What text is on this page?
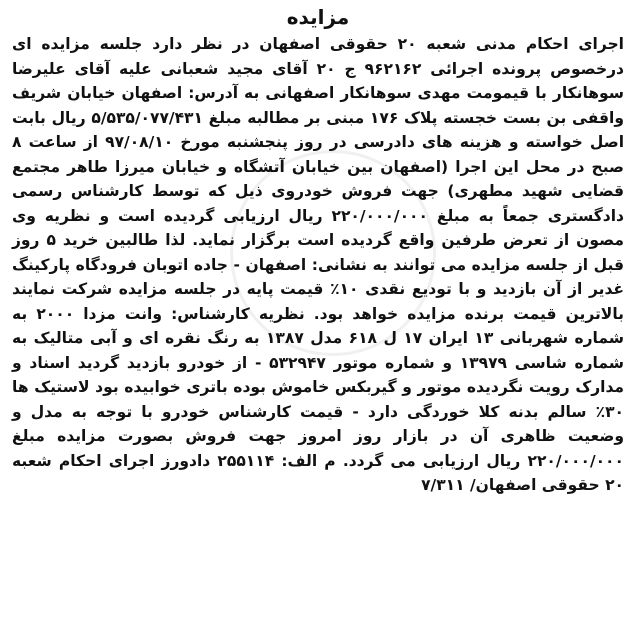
مزایده

اجرای احکام مدنی شعبه ۲۰ حقوقی اصفهان در نظر دارد جلسه مزایده ای درخصوص پرونده اجرائی ۹۶۲۱۶۲ ج ۲۰ آقای مجید شعبانی علیه آقای علیرضا سوهانکار با قیمومت مهدی سوهانکار اصفهانی به آدرس: اصفهان خیابان شریف واقفی بن بست خجسته پلاک ۱۷۶ مبنی بر مطالبه مبلغ ۵/۵۳۵/۰۷۷/۴۳۱ ریال بابت اصل خواسته و هزینه های دادرسی در روز پنجشنبه مورخ ۹۷/۰۸/۱۰ از ساعت ۸ صبح در محل این اجرا (اصفهان بین خیابان آتشگاه و خیابان میرزا طاهر مجتمع قضایی شهید مطهری) جهت فروش خودروی ذیل که توسط کارشناس رسمی دادگستری جمعاً به مبلغ ۲۲۰/۰۰۰/۰۰۰ ریال ارزیابی گردیده است و نظریه وی مصون از تعرض طرفین واقع گردیده است برگزار نماید. لذا طالبین خرید ۵ روز قبل از جلسه مزایده می توانند به نشانی: اصفهان - جاده اتوبان فرودگاه پارکینگ غدیر از آن بازدید و با تودیع نقدی ۱۰٪ قیمت پایه در جلسه مزایده شرکت نمایند بالاترین قیمت برنده مزایده خواهد بود. نظریه کارشناس: وانت مزدا ۲۰۰۰ به شماره شهربانی ۱۳ ایران ۱۷ ل ۶۱۸ مدل ۱۳۸۷ به رنگ نقره ای و آبی متالیک به شماره شاسی ۱۳۹۷۹ و شماره موتور ۵۳۲۹۴۷ - از خودرو بازدید گردید اسناد و مدارک رویت نگردیده موتور و گیربکس خاموش بوده باتری خوابیده بود لاستیک ها ۳۰٪ سالم بدنه کلا خوردگی دارد - قیمت کارشناس خودرو با توجه به مدل و وضعیت ظاهری آن در بازار روز امروز جهت فروش بصورت مزایده مبلغ ۲۲۰/۰۰۰/۰۰۰ ریال ارزیابی می گردد. م الف: ۲۵۵۱۱۴ دادورز اجرای احکام شعبه ۲۰ حقوقی اصفهان/ ۷/۳۱۱
